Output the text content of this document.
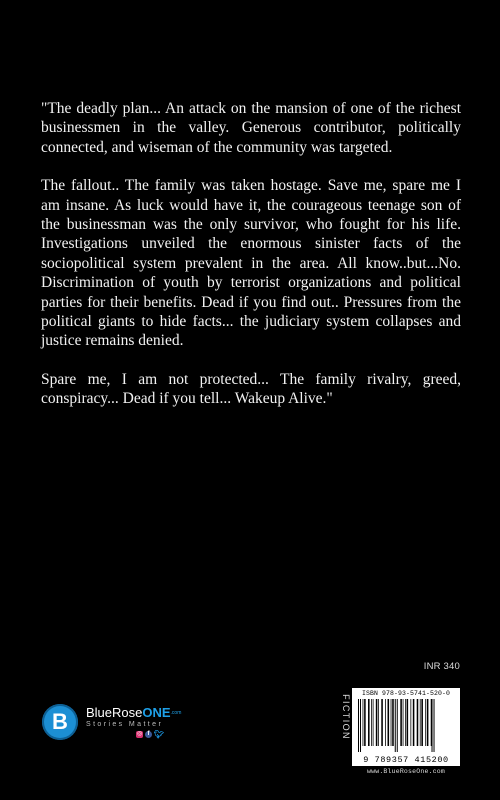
"The deadly plan... An attack on the mansion of one of the richest businessmen in the valley. Generous contributor, politically connected, and wiseman of the community was targeted.

The fallout.. The family was taken hostage. Save me, spare me I am insane. As luck would have it, the courageous teenage son of the businessman was the only survivor, who fought for his life. Investigations unveiled the enormous sinister facts of the sociopolitical system prevalent in the area. All know..but...No. Discrimination of youth by terrorist organizations and political parties for their benefits. Dead if you find out.. Pressures from the political giants to hide facts... the judiciary system collapses and justice remains denied.

Spare me, I am not protected... The family rivalry, greed, conspiracy... Dead if you tell... Wakeup Alive."

INR 340
FICTION
ISBN 978-93-5741-520-0
9 789357 415200
www.BlueRoseOne.com
B	BlueRoseONE$^{.com}$
Stories Matter
◎ f 🐦︎
